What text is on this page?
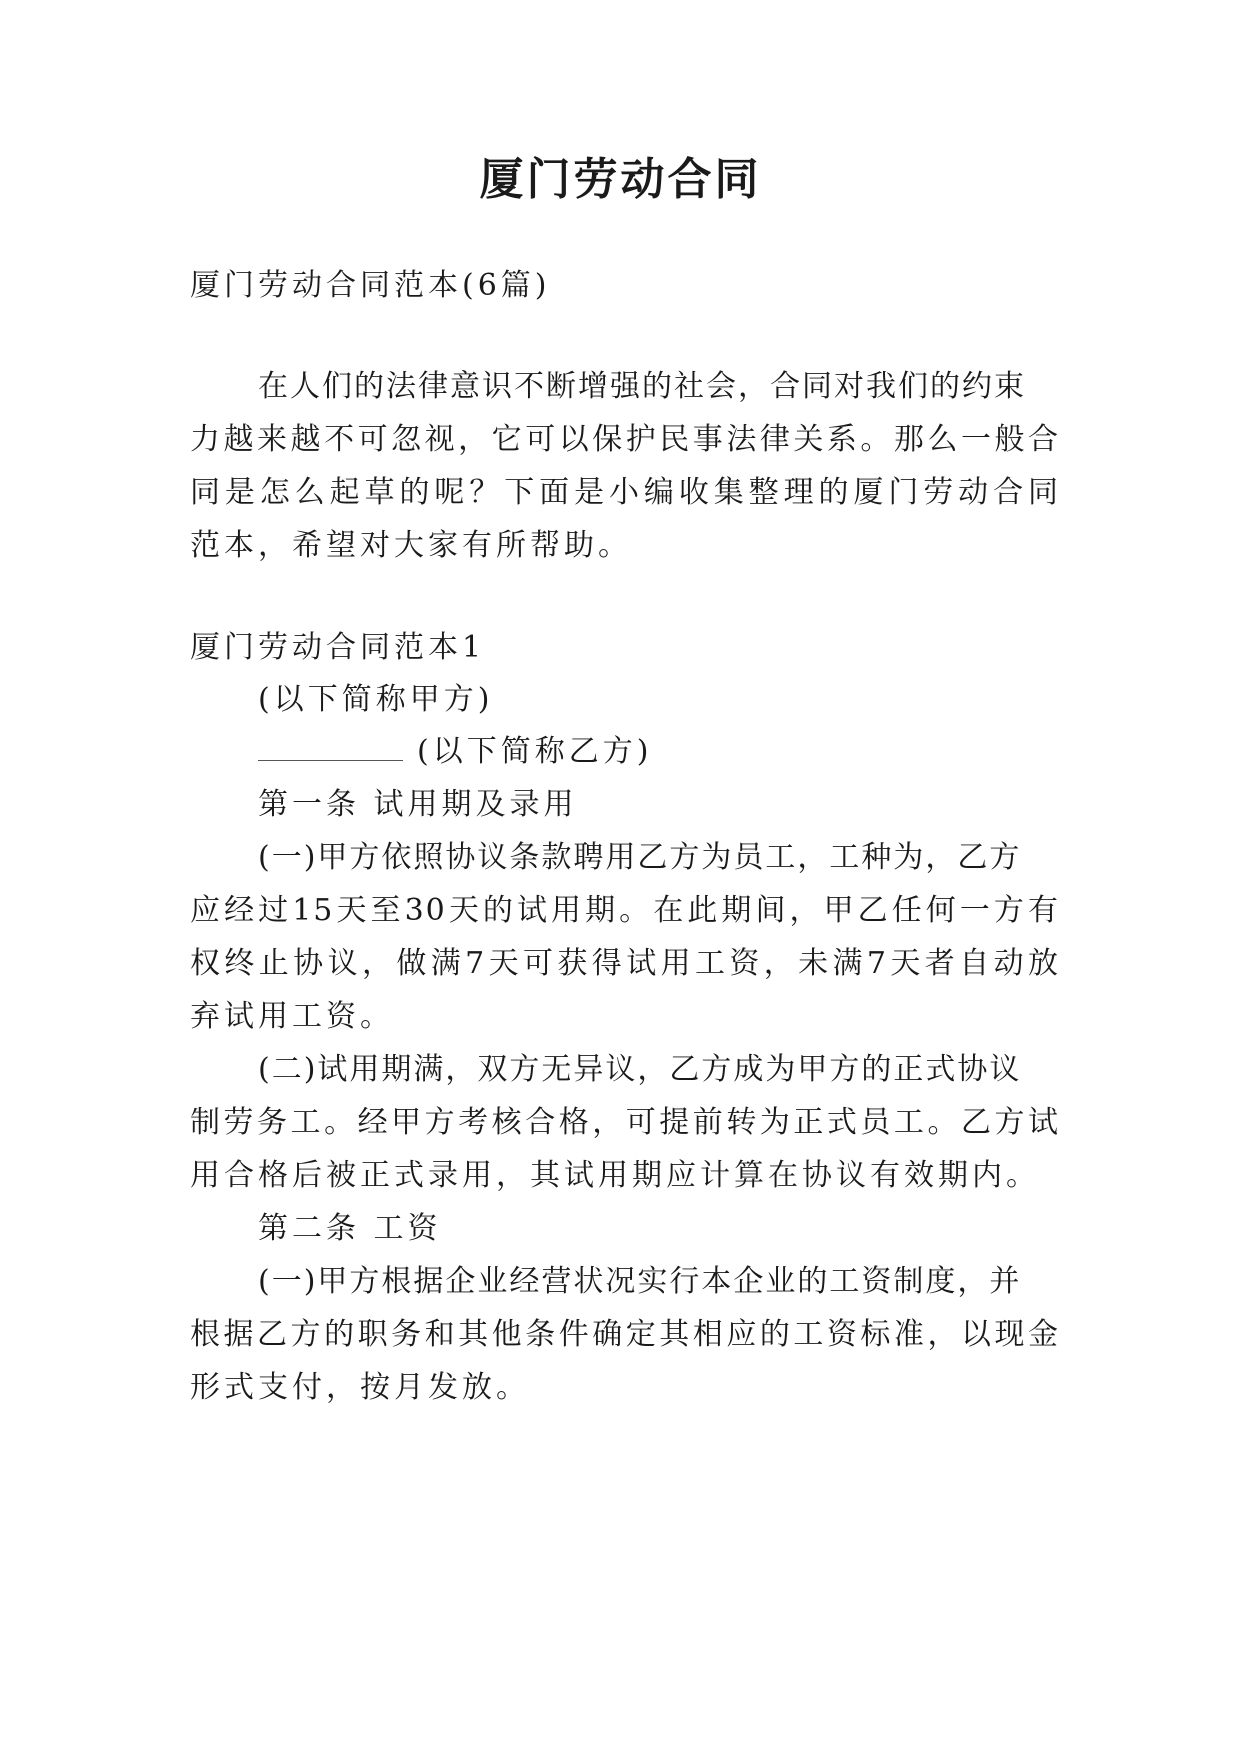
厦门劳动合同

厦门劳动合同范本(6篇)

在人们的法律意识不断增强的社会，合同对我们的约束

力越来越不可忽视，它可以保护民事法律关系。那么一般合

同是怎么起草的呢？下面是小编收集整理的厦门劳动合同

范本，希望对大家有所帮助。

厦门劳动合同范本1

(以下简称甲方)

(以下简称乙方)

第一条 试用期及录用

(一)甲方依照协议条款聘用乙方为员工，工种为，乙方

应经过15天至30天的试用期。在此期间，甲乙任何一方有

权终止协议，做满7天可获得试用工资，未满7天者自动放

弃试用工资。

(二)试用期满，双方无异议，乙方成为甲方的正式协议

制劳务工。经甲方考核合格，可提前转为正式员工。乙方试

用合格后被正式录用，其试用期应计算在协议有效期内。

第二条 工资

(一)甲方根据企业经营状况实行本企业的工资制度，并

根据乙方的职务和其他条件确定其相应的工资标准，以现金

形式支付，按月发放。
